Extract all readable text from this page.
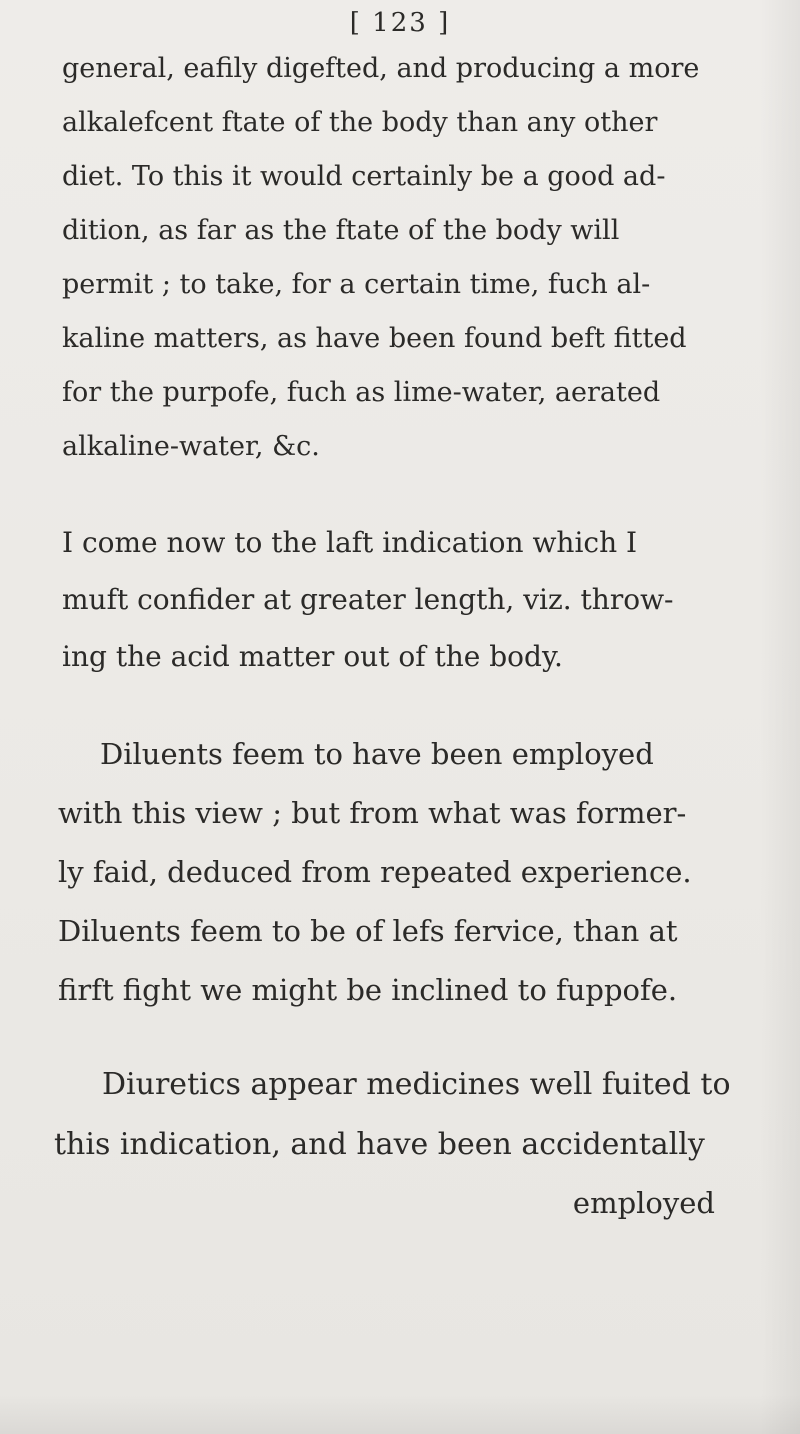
[ 123 ]
general, eafily digefted, and producing a more
alkalefcent ftate of the body than any other
diet. To this it would certainly be a good ad-
dition, as far as the ftate of the body will
permit ; to take, for a certain time, fuch al-
kaline matters, as have been found beft fitted
for the purpofe, fuch as lime-water, aerated
alkaline-water, &c.
I come now to the laft indication which I
muft confider at greater length, viz. throw-
ing the acid matter out of the body.
Diluents feem to have been employed
with this view ; but from what was former-
ly faid, deduced from repeated experience.
Diluents feem to be of lefs fervice, than at
firft fight we might be inclined to fuppofe.
Diuretics appear medicines well fuited to
this indication, and have been accidentally
employed
